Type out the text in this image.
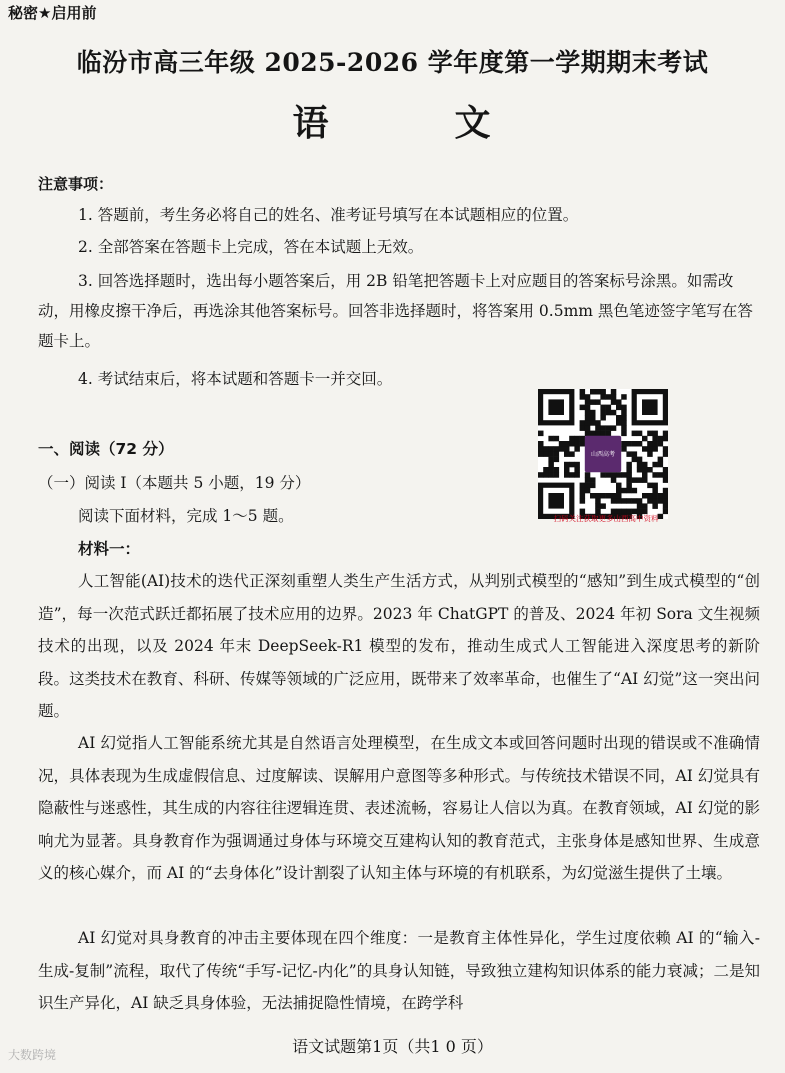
秘密★启用前
临汾市高三年级 2025-2026 学年度第一学期期末考试
语	文
注意事项：
1. 答题前，考生务必将自己的姓名、准考证号填写在本试题相应的位置。
2. 全部答案在答题卡上完成，答在本试题上无效。
3. 回答选择题时，选出每小题答案后，用 2B 铅笔把答题卡上对应题目的答案标号涂黑。如需改动，用橡皮擦干净后，再选涂其他答案标号。回答非选择题时，将答案用 0.5mm 黑色笔迹签字笔写在答题卡上。
4. 考试结束后，将本试题和答题卡一并交回。
山西高考
扫码关注获取更多山西高中资料
一、阅读（72 分）
（一）阅读 I（本题共 5 小题，19 分）
阅读下面材料，完成 1～5 题。
材料一：
人工智能(AI)技术的迭代正深刻重塑人类生产生活方式，从判别式模型的“感知”到生成式模型的“创造”，每一次范式跃迁都拓展了技术应用的边界。2023 年 ChatGPT 的普及、2024 年初 Sora 文生视频技术的出现，以及 2024 年末 DeepSeek-R1 模型的发布，推动生成式人工智能进入深度思考的新阶段。这类技术在教育、科研、传媒等领域的广泛应用，既带来了效率革命，也催生了“AI 幻觉”这一突出问题。
AI 幻觉指人工智能系统尤其是自然语言处理模型，在生成文本或回答问题时出现的错误或不准确情况，具体表现为生成虚假信息、过度解读、误解用户意图等多种形式。与传统技术错误不同，AI 幻觉具有隐蔽性与迷惑性，其生成的内容往往逻辑连贯、表述流畅，容易让人信以为真。在教育领域，AI 幻觉的影响尤为显著。具身教育作为强调通过身体与环境交互建构认知的教育范式，主张身体是感知世界、生成意义的核心媒介，而 AI 的“去身体化”设计割裂了认知主体与环境的有机联系，为幻觉滋生提供了土壤。
AI 幻觉对具身教育的冲击主要体现在四个维度：一是教育主体性异化，学生过度依赖 AI 的“输入-生成-复制”流程，取代了传统“手写-记忆-内化”的具身认知链，导致独立建构知识体系的能力衰减；二是知识生产异化，AI 缺乏具身体验，无法捕捉隐性情境，在跨学科
语文试题第1页（共1 0 页）
大数跨境
